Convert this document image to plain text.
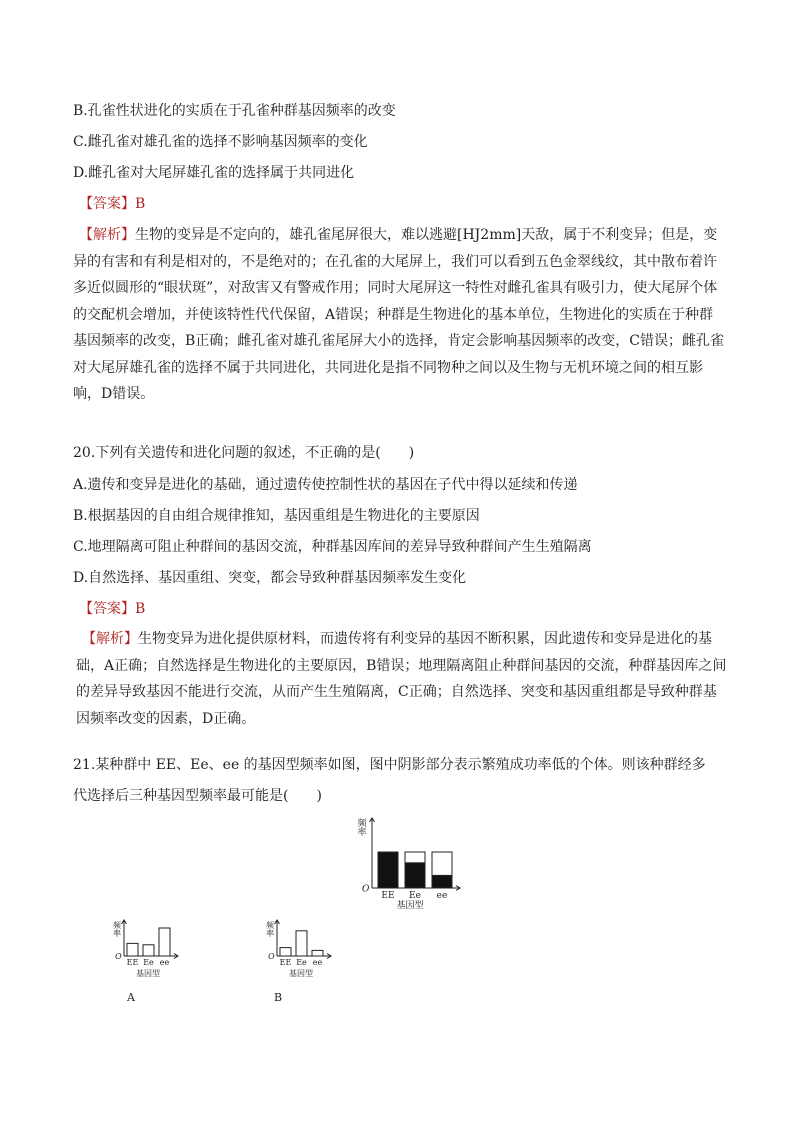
B.孔雀性状进化的实质在于孔雀种群基因频率的改变
C.雌孔雀对雄孔雀的选择不影响基因频率的变化
D.雌孔雀对大尾屏雄孔雀的选择属于共同进化
【答案】B
【解析】生物的变异是不定向的，雄孔雀尾屏很大，难以逃避[HJ2mm]天敌，属于不利变异；但是，变异的有害和有利是相对的，不是绝对的；在孔雀的大尾屏上，我们可以看到五色金翠线纹，其中散布着许多近似圆形的“眼状斑”，对敌害又有警戒作用；同时大尾屏这一特性对雌孔雀具有吸引力，使大尾屏个体的交配机会增加，并使该特性代代保留，A错误；种群是生物进化的基本单位，生物进化的实质在于种群基因频率的改变，B正确；雌孔雀对雄孔雀尾屏大小的选择，肯定会影响基因频率的改变，C错误；雌孔雀对大尾屏雄孔雀的选择不属于共同进化，共同进化是指不同物种之间以及生物与无机环境之间的相互影响，D错误。
20.下列有关遗传和进化问题的叙述，不正确的是(　　)
A.遗传和变异是进化的基础，通过遗传使控制性状的基因在子代中得以延续和传递
B.根据基因的自由组合规律推知，基因重组是生物进化的主要原因
C.地理隔离可阻止种群间的基因交流，种群基因库间的差异导致种群间产生生殖隔离
D.自然选择、基因重组、突变，都会导致种群基因频率发生变化
【答案】B
【解析】生物变异为进化提供原材料，而遗传将有利变异的基因不断积累，因此遗传和变异是进化的基础，A正确；自然选择是生物进化的主要原因，B错误；地理隔离阻止种群间基因的交流，种群基因库之间的差异导致基因不能进行交流，从而产生生殖隔离，C正确；自然选择、突变和基因重组都是导致种群基因频率改变的因素，D正确。
21.某种群中 EE、Ee、ee 的基因型频率如图，图中阴影部分表示繁殖成功率低的个体。则该种群经多
代选择后三种基因型频率最可能是(　　)
频
率
O
EE Ee ee
基因型
频
率
O
EE Ee ee
基因型
A
频
率
O
EE Ee ee
基因型
B
